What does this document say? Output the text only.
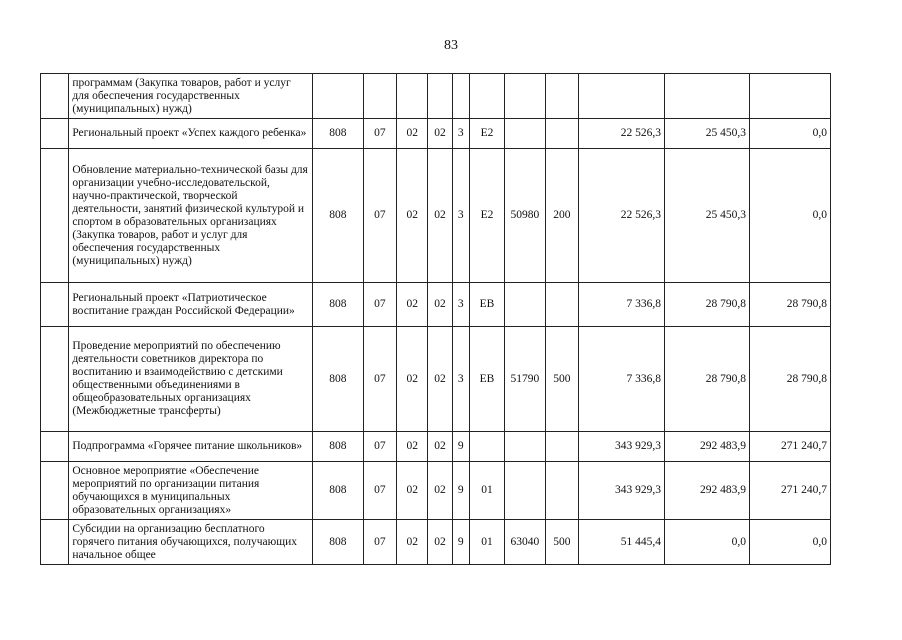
83
	программам (Закупка товаров, работ и услуг для обеспечения государственных (муниципальных) нужд)											
	Региональный проект «Успех каждого ребенка»	808	07	02	02	3	E2			22 526,3	25 450,3	0,0
	Обновление материально-технической базы для организации учебно-исследовательской, научно-практической, творческой деятельности, занятий физической культурой и спортом в образовательных организациях (Закупка товаров, работ и услуг для обеспечения государственных (муниципальных) нужд)	808	07	02	02	3	E2	50980	200	22 526,3	25 450,3	0,0
	Региональный проект «Патриотическое воспитание граждан Российской Федерации»	808	07	02	02	3	EB			7 336,8	28 790,8	28 790,8
	Проведение мероприятий по обеспечению деятельности советников директора по воспитанию и взаимодействию с детскими общественными объединениями в общеобразовательных организациях (Межбюджетные трансферты)	808	07	02	02	3	EB	51790	500	7 336,8	28 790,8	28 790,8
	Подпрограмма «Горячее питание школьников»	808	07	02	02	9				343 929,3	292 483,9	271 240,7
	Основное мероприятие «Обеспечение мероприятий по организации питания обучающихся в муниципальных образовательных организациях»	808	07	02	02	9	01			343 929,3	292 483,9	271 240,7
	Субсидии на организацию бесплатного горячего питания обучающихся, получающих начальное общее	808	07	02	02	9	01	63040	500	51 445,4	0,0	0,0
